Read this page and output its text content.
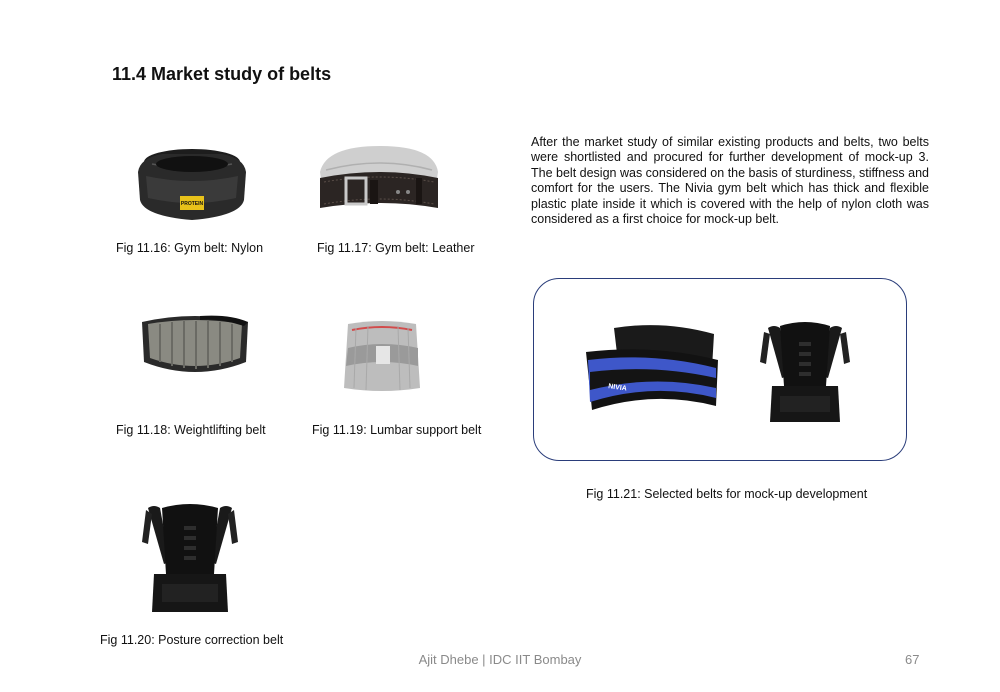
11.4 Market study of belts
PROTEIN
Fig 11.16: Gym belt: Nylon	Fig 11.17: Gym belt: Leather
Fig 11.18: Weightlifting belt	Fig 11.19: Lumbar support belt
Fig 11.20: Posture correction belt
After the market study of similar existing products and belts, two belts were shortlisted and procured for further development of mock-up 3. The belt design was considered on the basis of sturdiness, stiffness and comfort for the users. The Nivia gym belt which has thick and flexible plastic plate inside it which is covered with the help of nylon cloth was considered as a first choice for mock-up belt.
NIVIA
Fig 11.21: Selected belts for mock-up development
Ajit Dhebe | IDC IIT Bombay	67
